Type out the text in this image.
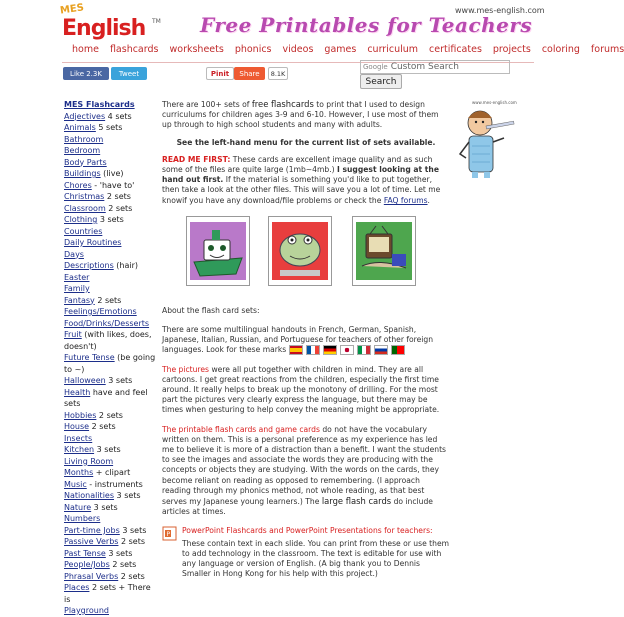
MES
English TM Free Printables for Teachers
www.mes-english.com
home flashcards worksheets phonics videos games curriculum certificates projects coloring forums
Like 2.3K Tweet	Pinit Share 8.1K
Google Custom Search
Search
MES Flashcards
Adjectives 4 sets
Animals 5 sets
Bathroom
Bedroom
Body Parts
Buildings (live)
Chores - 'have to'
Christmas 2 sets
Classroom 2 sets
Clothing 3 sets
Countries
Daily Routines
Days
Descriptions (hair)
Easter
Family
Fantasy 2 sets
Feelings/Emotions
Food/Drinks/Desserts
Fruit (with likes, does, doesn't)
Future Tense (be going to ~)
Halloween 3 sets
Health have and feel sets
Hobbies 2 sets
House 2 sets
Insects
Kitchen 3 sets
Living Room
Months + clipart
Music - instruments
Nationalities 3 sets
Nature 3 sets
Numbers
Part-time Jobs 3 sets
Passive Verbs 2 sets
Past Tense 3 sets
People/Jobs 2 sets
Phrasal Verbs 2 sets
Places 2 sets + There is
Playground

There are 100+ sets of free flashcards to print that I used to design curriculums for children ages 3-9 and 6-10. However, I use most of them up through to high school students and many with adults.

See the left-hand menu for the current list of sets available.

READ ME FIRST: These cards are excellent image quality and as such some of the files are quite large (1mb~4mb.) I suggest looking at the hand out first. If the material is something you'd like to put together, then take a look at the other files. This will save you a lot of time. Let me knowif you have any download/file problems or check the FAQ forums.

About the flash card sets:

There are some multilingual handouts in French, German, Spanish, Japanese, Italian, Russian, and Portuguese for teachers of other foreign languages. Look for these marks

The pictures were all put together with children in mind. They are all cartoons. I get great reactions from the children, especially the first time around. It really helps to break up the monotony of drilling. For the most part the pictures very clearly express the language, but there may be times when gesturing to help convey the meaning might be appropriate.

The printable flash cards and game cards do not have the vocabulary written on them. This is a personal preference as my experience has led me to believe it is more of a distraction than a benefit. I want the students to see the images and associate the words they are producing with the concepts or objects they are studying. With the words on the cards, they become reliant on reading as opposed to remembering. (I approach reading through my phonics method, not whole reading, as that best serves my Japanese young learners.) The large flash cards do include articles at times.

P PowerPoint Flashcards and PowerPoint Presentations for teachers:
These contain text in each slide. You can print from these or use them to add technology in the classroom. The text is editable for use with any language or version of English. (A big thank you to Dennis Smaller in Hong Kong for his help with this project.)
www.mes-english.com
